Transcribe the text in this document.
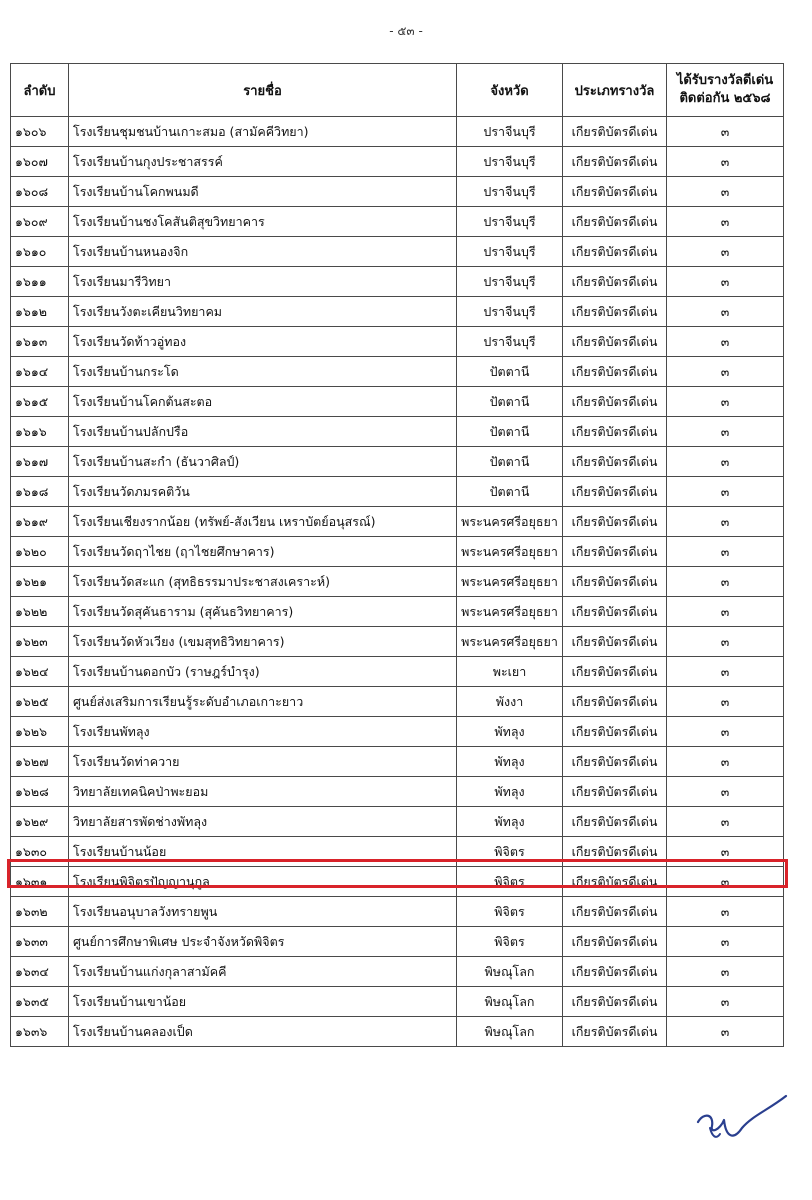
- ๕๓ -
ลำดับ	รายชื่อ	จังหวัด	ประเภทรางวัล	ได้รับรางวัลดีเด่น
ติดต่อกัน ๒๕๖๘

๑๖๐๖	โรงเรียนชุมชนบ้านเกาะสมอ (สามัคคีวิทยา)	ปราจีนบุรี	เกียรติบัตรดีเด่น	๓
๑๖๐๗	โรงเรียนบ้านกุงประชาสรรค์	ปราจีนบุรี	เกียรติบัตรดีเด่น	๓
๑๖๐๘	โรงเรียนบ้านโคกพนมดี	ปราจีนบุรี	เกียรติบัตรดีเด่น	๓
๑๖๐๙	โรงเรียนบ้านชงโคสันติสุขวิทยาคาร	ปราจีนบุรี	เกียรติบัตรดีเด่น	๓
๑๖๑๐	โรงเรียนบ้านหนองจิก	ปราจีนบุรี	เกียรติบัตรดีเด่น	๓
๑๖๑๑	โรงเรียนมารีวิทยา	ปราจีนบุรี	เกียรติบัตรดีเด่น	๓
๑๖๑๒	โรงเรียนวังตะเคียนวิทยาคม	ปราจีนบุรี	เกียรติบัตรดีเด่น	๓
๑๖๑๓	โรงเรียนวัดท้าวอู่ทอง	ปราจีนบุรี	เกียรติบัตรดีเด่น	๓
๑๖๑๔	โรงเรียนบ้านกระโด	ปัตตานี	เกียรติบัตรดีเด่น	๓
๑๖๑๕	โรงเรียนบ้านโคกต้นสะตอ	ปัตตานี	เกียรติบัตรดีเด่น	๓
๑๖๑๖	โรงเรียนบ้านปลักปรือ	ปัตตานี	เกียรติบัตรดีเด่น	๓
๑๖๑๗	โรงเรียนบ้านสะกำ (ธันวาศิลป์)	ปัตตานี	เกียรติบัตรดีเด่น	๓
๑๖๑๘	โรงเรียนวัดภมรคติวัน	ปัตตานี	เกียรติบัตรดีเด่น	๓
๑๖๑๙	โรงเรียนเชียงรากน้อย (ทรัพย์-สังเวียน เหราบัตย์อนุสรณ์)	พระนครศรีอยุธยา	เกียรติบัตรดีเด่น	๓
๑๖๒๐	โรงเรียนวัดฤาไชย (ฤาไชยศึกษาคาร)	พระนครศรีอยุธยา	เกียรติบัตรดีเด่น	๓
๑๖๒๑	โรงเรียนวัดสะแก (สุทธิธรรมาประชาสงเคราะห์)	พระนครศรีอยุธยา	เกียรติบัตรดีเด่น	๓
๑๖๒๒	โรงเรียนวัดสุคันธาราม (สุคันธวิทยาคาร)	พระนครศรีอยุธยา	เกียรติบัตรดีเด่น	๓
๑๖๒๓	โรงเรียนวัดหัวเวียง (เขมสุทธิวิทยาคาร)	พระนครศรีอยุธยา	เกียรติบัตรดีเด่น	๓
๑๖๒๔	โรงเรียนบ้านดอกบัว (ราษฎร์บำรุง)	พะเยา	เกียรติบัตรดีเด่น	๓
๑๖๒๕	ศูนย์ส่งเสริมการเรียนรู้ระดับอำเภอเกาะยาว	พังงา	เกียรติบัตรดีเด่น	๓
๑๖๒๖	โรงเรียนพัทลุง	พัทลุง	เกียรติบัตรดีเด่น	๓
๑๖๒๗	โรงเรียนวัดท่าควาย	พัทลุง	เกียรติบัตรดีเด่น	๓
๑๖๒๘	วิทยาลัยเทคนิคป่าพะยอม	พัทลุง	เกียรติบัตรดีเด่น	๓
๑๖๒๙	วิทยาลัยสารพัดช่างพัทลุง	พัทลุง	เกียรติบัตรดีเด่น	๓
๑๖๓๐	โรงเรียนบ้านน้อย	พิจิตร	เกียรติบัตรดีเด่น	๓
๑๖๓๑	โรงเรียนพิจิตรปัญญานุกูล	พิจิตร	เกียรติบัตรดีเด่น	๓
๑๖๓๒	โรงเรียนอนุบาลวังทรายพูน	พิจิตร	เกียรติบัตรดีเด่น	๓
๑๖๓๓	ศูนย์การศึกษาพิเศษ ประจำจังหวัดพิจิตร	พิจิตร	เกียรติบัตรดีเด่น	๓
๑๖๓๔	โรงเรียนบ้านแก่งกุลาสามัคคี	พิษณุโลก	เกียรติบัตรดีเด่น	๓
๑๖๓๕	โรงเรียนบ้านเขาน้อย	พิษณุโลก	เกียรติบัตรดีเด่น	๓
๑๖๓๖	โรงเรียนบ้านคลองเป็ด	พิษณุโลก	เกียรติบัตรดีเด่น	๓
